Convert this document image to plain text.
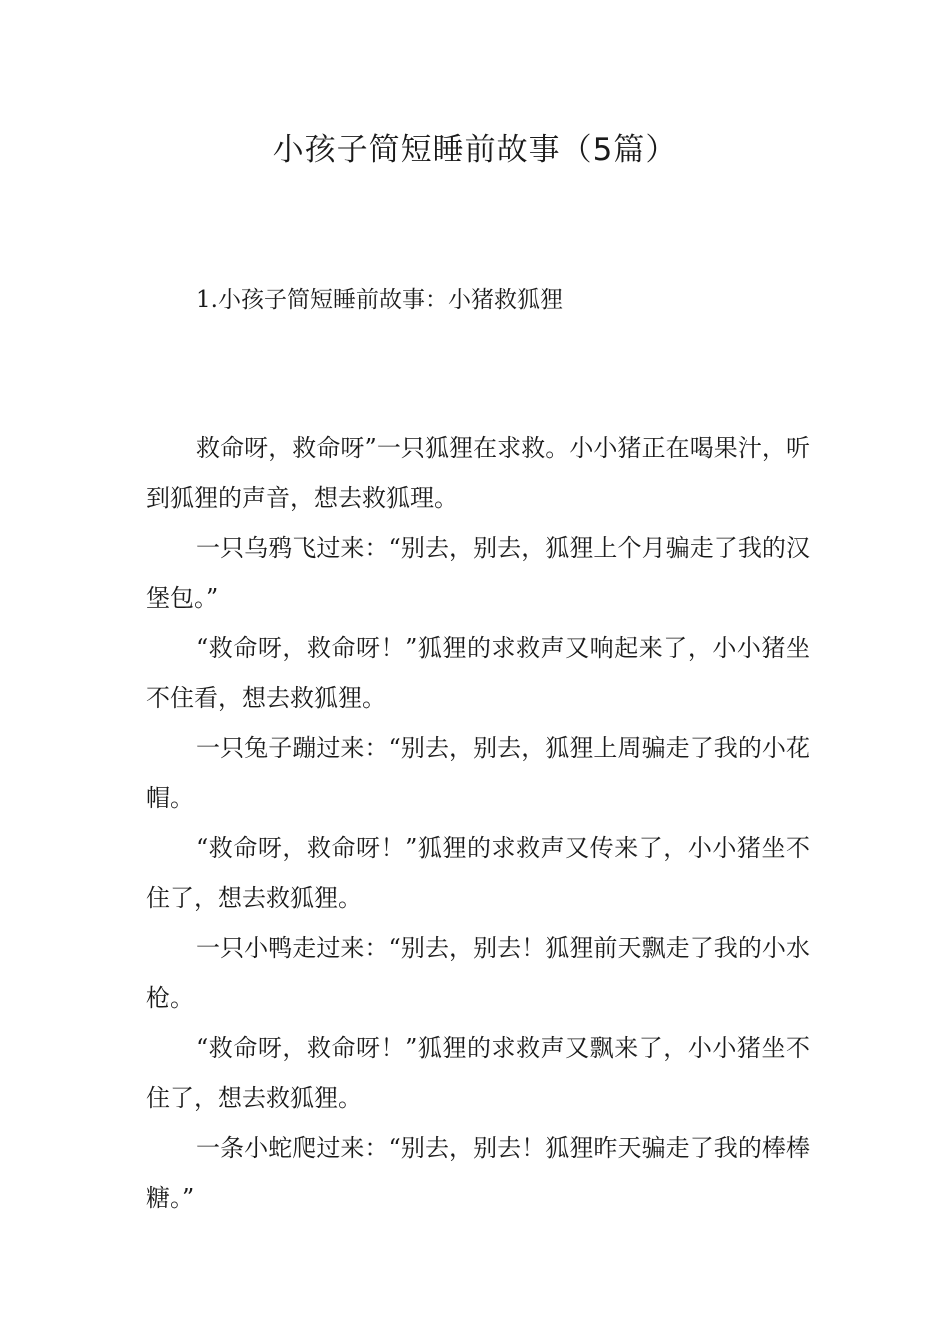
小孩子简短睡前故事（5篇）
1.小孩子简短睡前故事：小猪救狐狸

救命呀，救命呀”一只狐狸在求救。小小猪正在喝果汁，听到狐狸的声音，想去救狐理。

一只乌鸦飞过来：“别去，别去，狐狸上个月骗走了我的汉堡包。”

“救命呀，救命呀！”狐狸的求救声又响起来了，小小猪坐不住看，想去救狐狸。

一只兔子蹦过来：“别去，别去，狐狸上周骗走了我的小花帽。

“救命呀，救命呀！”狐狸的求救声又传来了，小小猪坐不住了，想去救狐狸。

一只小鸭走过来：“别去，别去！狐狸前天飘走了我的小水枪。

“救命呀，救命呀！”狐狸的求救声又飘来了，小小猪坐不住了，想去救狐狸。

一条小蛇爬过来：“别去，别去！狐狸昨天骗走了我的棒棒糖。”
